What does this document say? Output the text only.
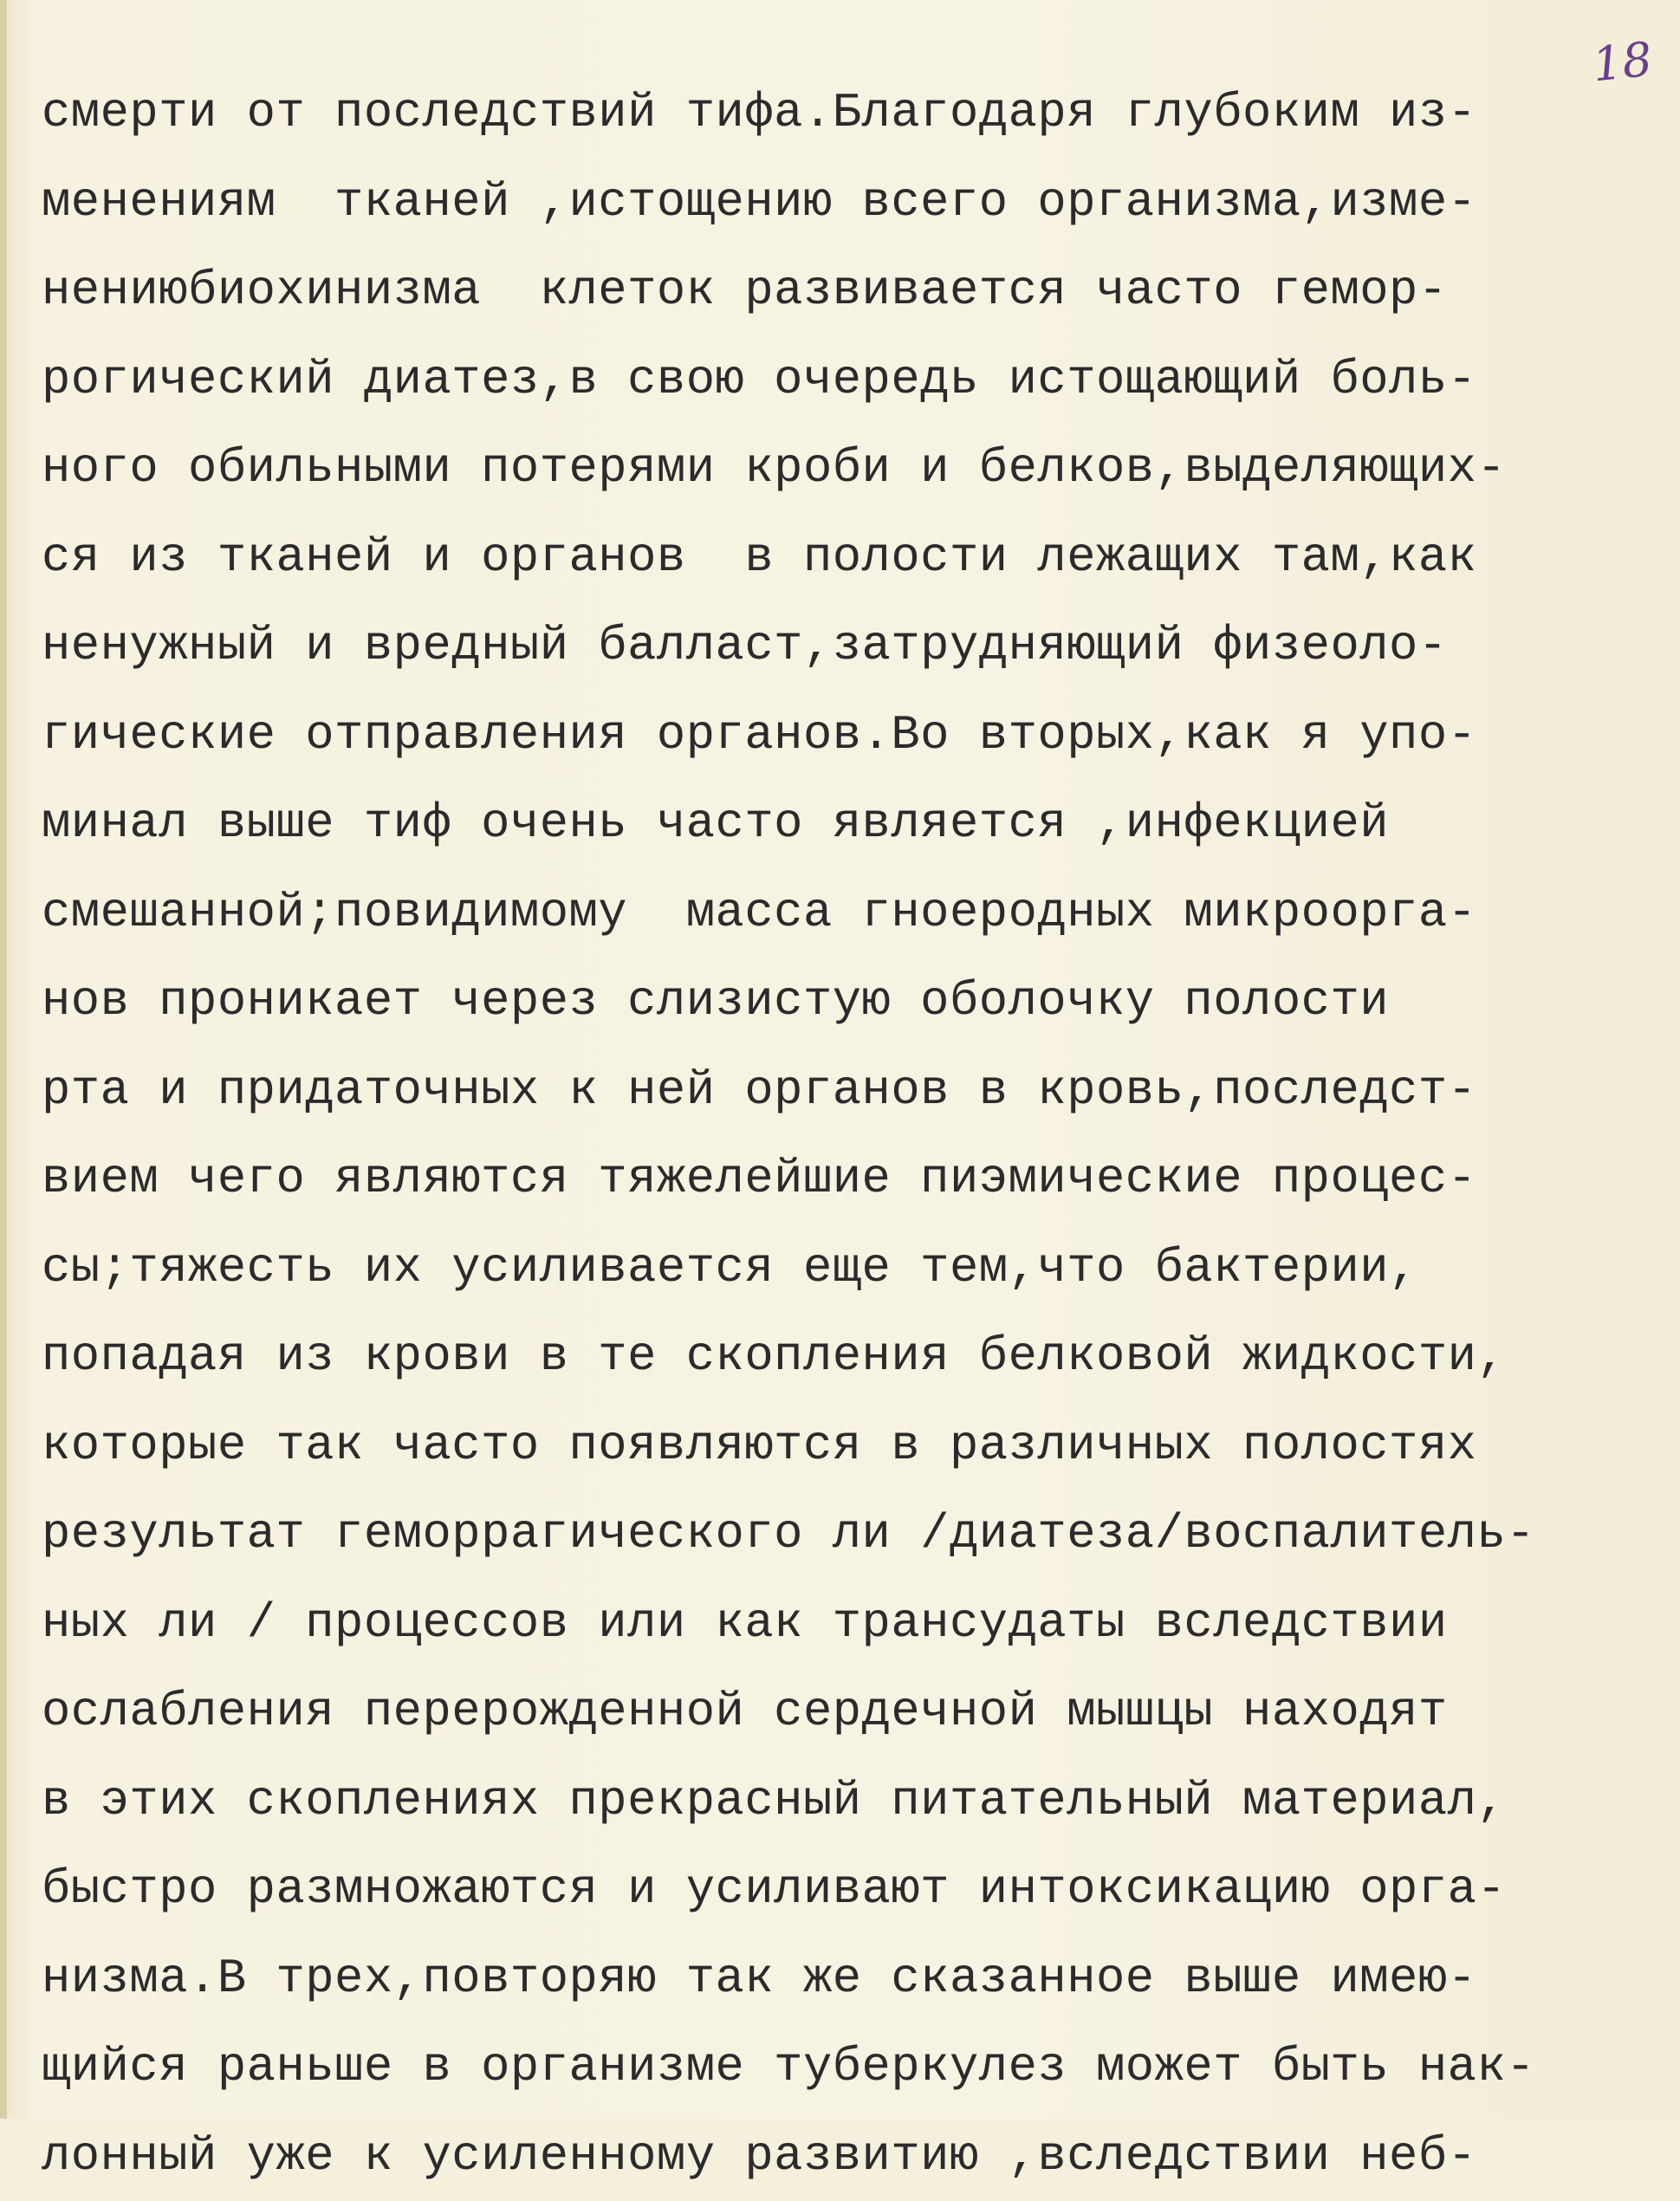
18
смерти от последствий тифа.Благодаря глубоким из-
менениям  тканей ,истощению всего организма,изме-
нениюбиохинизма  клеток развивается часто гемор-
рогический диатез,в свою очередь истощающий боль-
ного обильными потерями кроби и белков,выделяющих-
ся из тканей и органов  в полости лежащих там,как
ненужный и вредный балласт,затрудняющий физеоло-
гические отправления органов.Во вторых,как я упо-
минал выше тиф очень часто является ,инфекцией
смешанной;повидимому  масса гноеродных микроорга-
нов проникает через слизистую оболочку полости
рта и придаточных к ней органов в кровь,последст-
вием чего являются тяжелейшие пиэмические процес-
сы;тяжесть их усиливается еще тем,что бактерии,
попадая из крови в те скопления белковой жидкости,
которые так часто появляются в различных полостях
результат геморрагического ли /диатеза/воспалитель-
ных ли / процессов или как трансудаты вследствии
ослабления перерожденной сердечной мышцы находят
в этих скоплениях прекрасный питательный материал,
быстро размножаются и усиливают интоксикацию орга-
низма.В трех,повторяю так же сказанное выше имею-
щийся раньше в организме туберкулез может быть нак-
лонный уже к усиленному развитию ,вследствии неб-
